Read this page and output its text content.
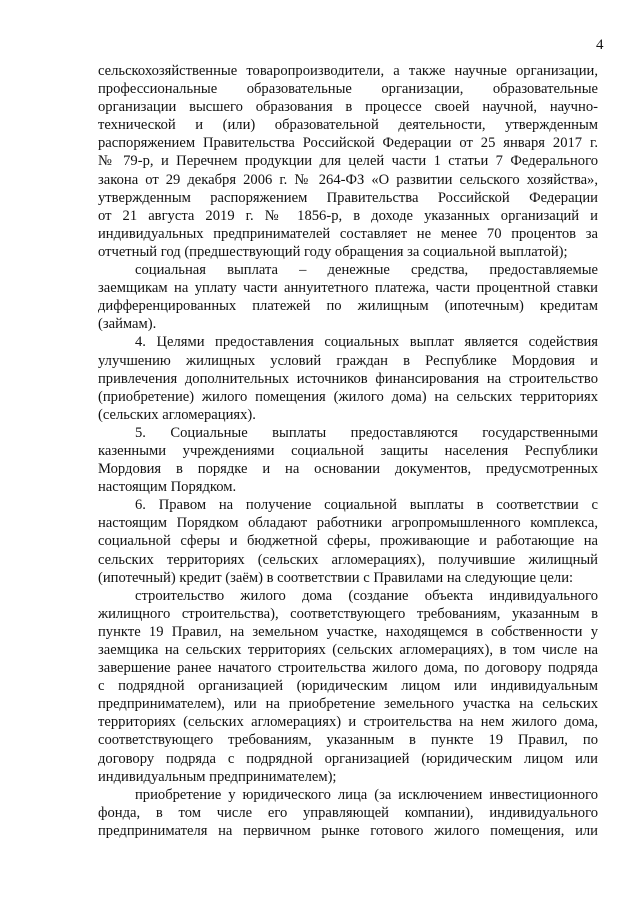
4
сельскохозяйственные товаропроизводители, а также научные организации,
профессиональные образовательные организации, образовательные
организации высшего образования в процессе своей научной, научно-
технической и (или) образовательной деятельности, утвержденным
распоряжением Правительства Российской Федерации от 25 января 2017 г.
№ 79-р, и Перечнем продукции для целей части 1 статьи 7 Федерального
закона от 29 декабря 2006 г. № 264-ФЗ «О развитии сельского хозяйства»,
утвержденным распоряжением Правительства Российской Федерации
от 21 августа 2019 г. № 1856-р, в доходе указанных организаций и
индивидуальных предпринимателей составляет не менее 70 процентов за
отчетный год (предшествующий году обращения за социальной выплатой);
социальная выплата – денежные средства, предоставляемые
заемщикам на уплату части аннуитетного платежа, части процентной ставки
дифференцированных платежей по жилищным (ипотечным) кредитам
(займам).
4. Целями предоставления социальных выплат является содействия
улучшению жилищных условий граждан в Республике Мордовия и
привлечения дополнительных источников финансирования на строительство
(приобретение) жилого помещения (жилого дома) на сельских территориях
(сельских агломерациях).
5. Социальные выплаты предоставляются государственными
казенными учреждениями социальной защиты населения Республики
Мордовия в порядке и на основании документов, предусмотренных
настоящим Порядком.
6. Правом на получение социальной выплаты в соответствии с
настоящим Порядком обладают работники агропромышленного комплекса,
социальной сферы и бюджетной сферы, проживающие и работающие на
сельских территориях (сельских агломерациях), получившие жилищный
(ипотечный) кредит (заём) в соответствии с Правилами на следующие цели:
строительство жилого дома (создание объекта индивидуального
жилищного строительства), соответствующего требованиям, указанным в
пункте 19 Правил, на земельном участке, находящемся в собственности у
заемщика на сельских территориях (сельских агломерациях), в том числе на
завершение ранее начатого строительства жилого дома, по договору подряда
с подрядной организацией (юридическим лицом или индивидуальным
предпринимателем), или на приобретение земельного участка на сельских
территориях (сельских агломерациях) и строительства на нем жилого дома,
соответствующего требованиям, указанным в пункте 19 Правил, по
договору подряда с подрядной организацией (юридическим лицом или
индивидуальным предпринимателем);
приобретение у юридического лица (за исключением инвестиционного
фонда, в том числе его управляющей компании), индивидуального
предпринимателя на первичном рынке готового жилого помещения, или
